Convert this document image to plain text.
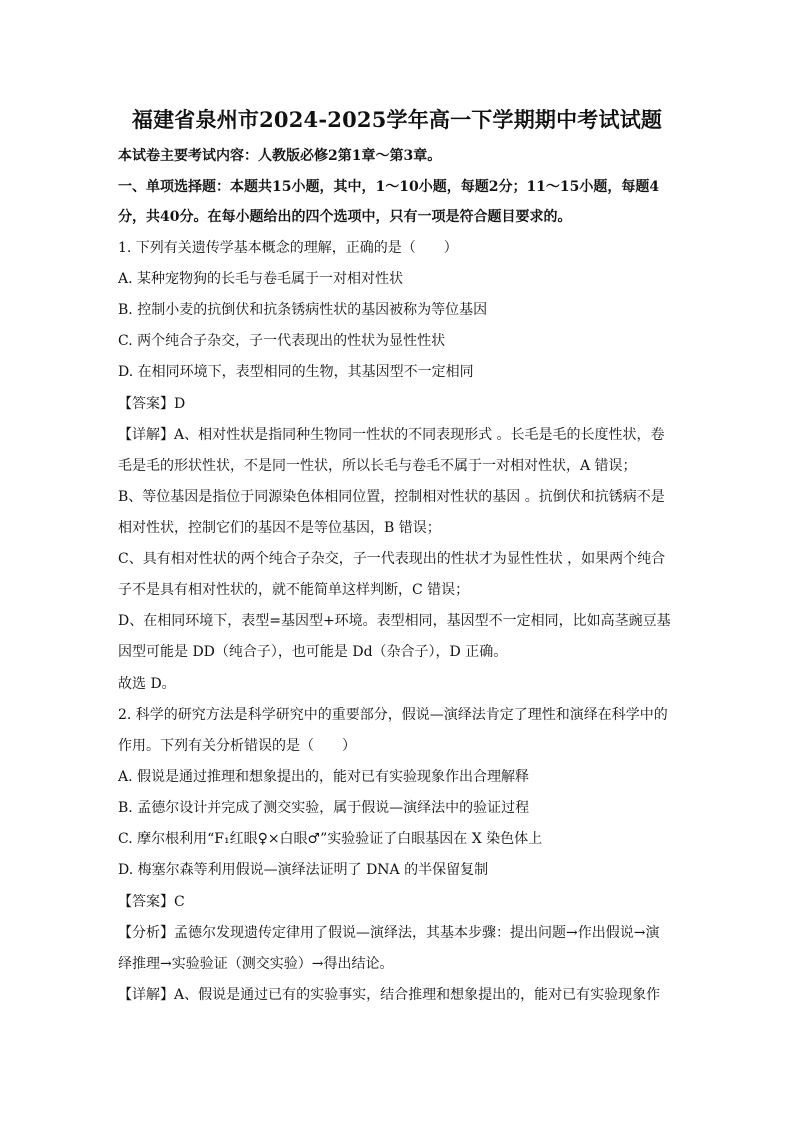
福建省泉州市2024-2025学年高一下学期期中考试试题
本试卷主要考试内容：人教版必修2第1章～第3章。
一、单项选择题：本题共15小题，其中，1～10小题，每题2分；11～15小题，每题4
分，共40分。在每小题给出的四个选项中，只有一项是符合题目要求的。
1. 下列有关遗传学基本概念的理解，正确的是（　　）
A. 某种宠物狗的长毛与卷毛属于一对相对性状
B. 控制小麦的抗倒伏和抗条锈病性状的基因被称为等位基因
C. 两个纯合子杂交，子一代表现出的性状为显性性状
D. 在相同环境下，表型相同的生物，其基因型不一定相同
【答案】D
【详解】A、相对性状是指同种生物同一性状的不同表现形式 。长毛是毛的长度性状，卷
毛是毛的形状性状，不是同一性状，所以长毛与卷毛不属于一对相对性状，A 错误；
B、等位基因是指位于同源染色体相同位置，控制相对性状的基因 。抗倒伏和抗锈病不是
相对性状，控制它们的基因不是等位基因，B 错误；
C、具有相对性状的两个纯合子杂交，子一代表现出的性状才为显性性状 ，如果两个纯合
子不是具有相对性状的，就不能简单这样判断，C 错误；
D、在相同环境下，表型=基因型+环境。表型相同，基因型不一定相同，比如高茎豌豆基
因型可能是 DD（纯合子），也可能是 Dd（杂合子），D 正确。
故选 D。
2. 科学的研究方法是科学研究中的重要部分，假说—演绎法肯定了理性和演绎在科学中的
作用。下列有关分析错误的是（　　）
A. 假说是通过推理和想象提出的，能对已有实验现象作出合理解释
B. 孟德尔设计并完成了测交实验，属于假说—演绎法中的验证过程
C. 摩尔根利用“F₁红眼♀×白眼♂”实验验证了白眼基因在 X 染色体上
D. 梅塞尔森等利用假说—演绎法证明了 DNA 的半保留复制
【答案】C
【分析】孟德尔发现遗传定律用了假说—演绎法，其基本步骤：提出问题→作出假说→演
绎推理→实验验证（测交实验）→得出结论。
【详解】A、假说是通过已有的实验事实，结合推理和想象提出的，能对已有实验现象作
